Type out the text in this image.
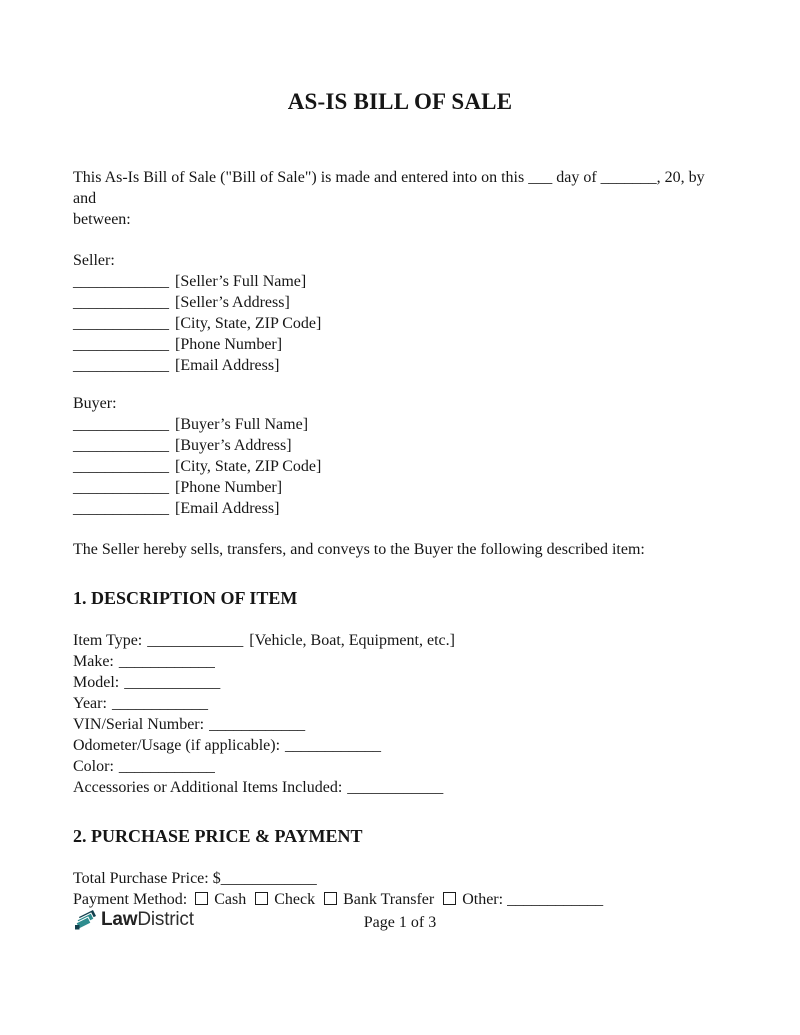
AS-IS BILL OF SALE
This As-Is Bill of Sale ("Bill of Sale") is made and entered into on this ___ day of _______, 20, by and
between:
Seller:
____________ [Seller’s Full Name]
____________ [Seller’s Address]
____________ [City, State, ZIP Code]
____________ [Phone Number]
____________ [Email Address]
Buyer:
____________ [Buyer’s Full Name]
____________ [Buyer’s Address]
____________ [City, State, ZIP Code]
____________ [Phone Number]
____________ [Email Address]
The Seller hereby sells, transfers, and conveys to the Buyer the following described item:
1. DESCRIPTION OF ITEM
Item Type: ____________ [Vehicle, Boat, Equipment, etc.]
Make: ____________
Model: ____________
Year: ____________
VIN/Serial Number: ____________
Odometer/Usage (if applicable): ____________
Color: ____________
Accessories or Additional Items Included: ____________
2. PURCHASE PRICE & PAYMENT
Total Purchase Price: $____________
Payment Method: Cash Check Bank Transfer Other: ____________
Law District	Page 1 of 3
